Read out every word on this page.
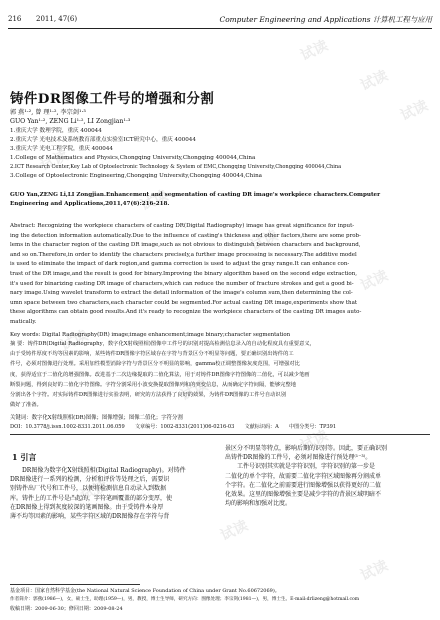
试读
试读
试读
试读
试读
试读
试读
试读
试读
试读
试读
试读
试读
216 2011, 47(6)	Computer Engineering and Applications 计算机工程与应用
铸件DR图像工件号的增强和分割
郭 燕¹·², 曾 理¹·², 李宗剑¹·³
GUO Yan¹·², ZENG Li¹·², LI Zongjian¹·³
1.重庆大学 数理学院，重庆 400044
2.重庆大学 光电技术及系统教育部重点实验室ICT研究中心，重庆 400044
3.重庆大学 光电工程学院，重庆 400044
1.College of Mathematics and Physics,Chongqing University,Chongqing 400044,China
2.ICT Research Center,Key Lab of Optoelectronic Technology & System of EMC,Chongqing University,Chongqing 400044,China
3.College of Optoelectronic Engineering,Chongqing University,Chongqing 400044,China
GUO Yan,ZENG Li,LI Zongjian.Enhancement and segmentation of casting DR image's workpiece characters.Computer
Engineering and Applications,2011,47(6):216-218.
Abstract: Recognizing the workpiece characters of casting DR(Digital Radiography) image has great significance for input-
ing the detection information automatically.Due to the influence of casting's thickness and other factors,there are some prob-
lems in the character region of the casting DR image,such as not obvious to distinguish between characters and background,
and so on.Therefore,in order to identify the characters precisely,a further image processing is necessary.The additive model
is used to eliminate the impact of dark region,and gamma correction is used to adjust the gray range.It can enhance con-
trast of the DR image,and the result is good for binary.Improving the binary algorithm based on the second edge extraction,
it's used for binarizing casting DR image of characters,which can reduce the number of fracture strokes and get a good bi-
nary image.Using wavelet transform to extract the detail information of the image's column sum,then determining the col-
umn space between two characters,each character could be segmented.For actual casting DR image,experiments show that
these algorithms can obtain good results.And it's ready to recognize the workpiece characters of the casting DR images auto-
matically.
Key words: Digital Radiography(DR) image;image enhancement;image binary;character segmentation
摘 要：铸件DR(Digital Radiography，数字化X射线照相)图像中工件号的识别对提高检测信息录入的自动化程度具有重要意义，
由于受铸件厚度不均等因素的影响，某些铸件DR图像字符区域存在字符与背景区分不明显等问题，要正确识别出铸件的工
件号，必须对图像进行处理。采用加性模型消除字符与背景区分不明显的影响，gamma校正调整图像灰度范围，可增强对比
度，获得适宜于二值化的增强图像。改进基于二次边缘提取的二值化算法，用于对铸件DR图像字符图像的二值化，可以减少笔画
断裂问题，得到良好的二值化字符图像。字符分割采用小波变换提取图像列和的突变信息，从而确定字符间隔，能够完整地
分割出各个字符。对实际铸件DR图像进行实验表明，研究的方法获得了良好的效果，为铸件DR图像的工件号自动识别
做好了准备。
关键词：数字化X射线照相(DR)图像；图像增强；图像二值化；字符分割
DOI：10.3778/j.issn.1002-8331.2011.06.059　　文章编号：1002-8331(2011)06-0216-03　　文献标识码：A　　中图分类号：TP391
1 引言

DR图像为数字化X射线照相(Digital Radiography)。对铸件

DR图像进行一系列的检测，分析和评价等处理之后，需要识

别铸件出厂代号和工件号，以便将检测信息自动录入到数据

库。铸件上的工件号是凸起的，字符笔画覆盖的部分变厚，使

在DR图像上得到灰度较深的笔画图像。由于受铸件本身厚

薄不均等因素的影响，某些字符区域的DR图像存在字符与背

景区分不明显等特点，影响后期的识别等。因此，要正确识别

出铸件DR图像的工件号，必须对图像进行预处理⁽¹⁻³⁾。

工件号识别其实就是字符识别，字符识别的第一步是

二值化的单个字符，故需要二值化字符区域图像再分割成单

个字符。在二值化之前需要进行图像增强以获得更好的二值

化效果。这里的图像增强主要是减少字符的背景区域明暗不

均的影响和加强对比度。

基金项目：国家自然科学基金(the National Natural Science Foundation of China under Grant No.60672069)。
作者简介：郭燕(1986—)，女，硕士生，助理(1959—)，男，教授，博士生导师，研究方向：图像处理；李宗剑(1981—)，男，博士生。E-mail:drlizeng@hotmail.com
收稿日期：2009-06-30；修回日期：2009-08-24
